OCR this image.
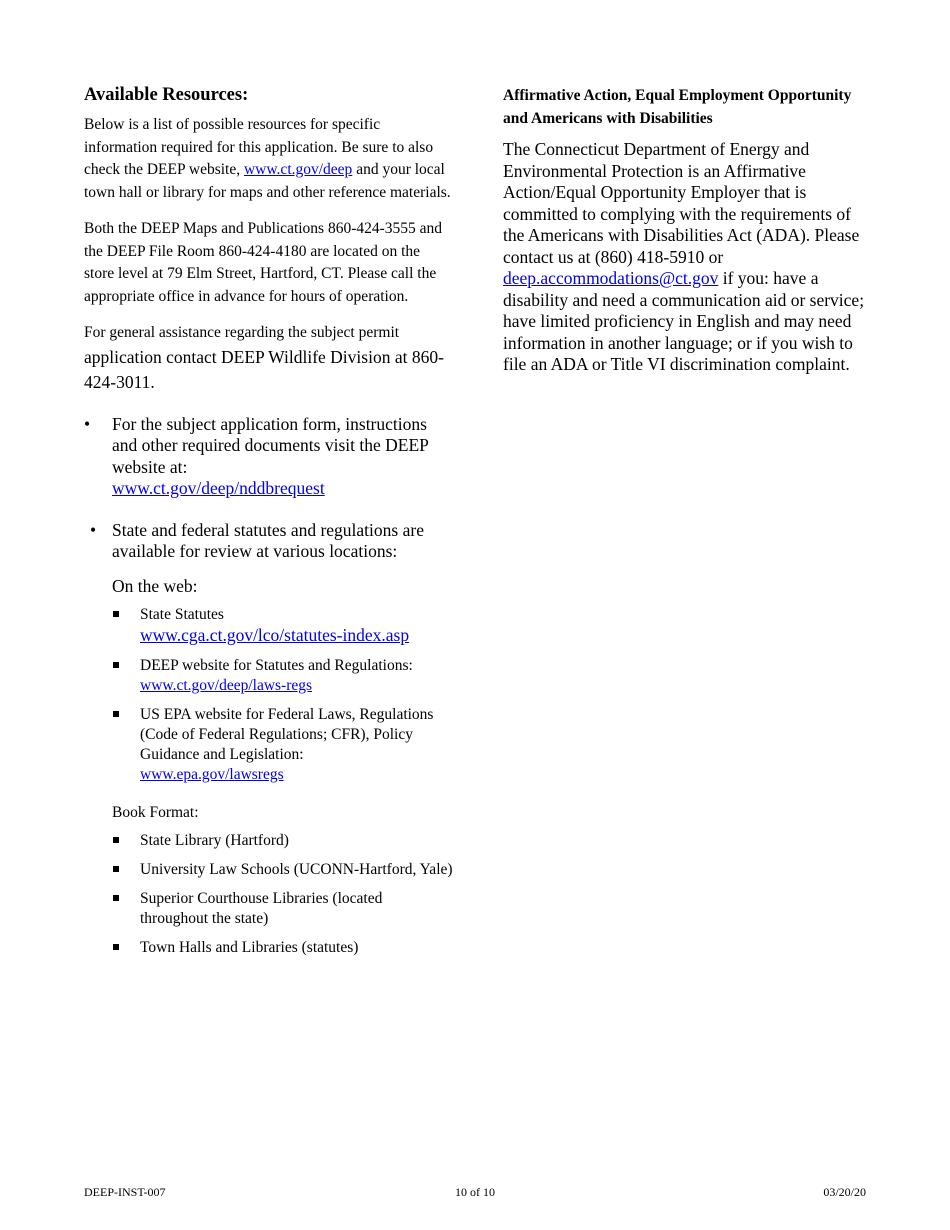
Available Resources:

Below is a list of possible resources for specific information required for this application. Be sure to also check the DEEP website, www.ct.gov/deep and your local town hall or library for maps and other reference materials.

Both the DEEP Maps and Publications 860-424-3555 and the DEEP File Room 860-424-4180 are located on the store level at 79 Elm Street, Hartford, CT. Please call the appropriate office in advance for hours of operation.

For general assistance regarding the subject permit application contact DEEP Wildlife Division at 860-424-3011.

• For the subject application form, instructions and other required documents visit the DEEP website at:
www.ct.gov/deep/nddbrequest
• State and federal statutes and regulations are available for review at various locations:
On the web:
State Statutes
www.cga.ct.gov/lco/statutes-index.asp
DEEP website for Statutes and Regulations:
www.ct.gov/deep/laws-regs
US EPA website for Federal Laws, Regulations (Code of Federal Regulations; CFR), Policy Guidance and Legislation:
www.epa.gov/lawsregs
Book Format:
State Library (Hartford)
University Law Schools (UCONN-Hartford, Yale)
Superior Courthouse Libraries (located throughout the state)
Town Halls and Libraries (statutes)
Affirmative Action, Equal Employment Opportunity and Americans with Disabilities

The Connecticut Department of Energy and Environmental Protection is an Affirmative Action/Equal Opportunity Employer that is committed to complying with the requirements of the Americans with Disabilities Act (ADA). Please contact us at (860) 418-5910 or deep.accommodations@ct.gov if you: have a disability and need a communication aid or service; have limited proficiency in English and may need information in another language; or if you wish to file an ADA or Title VI discrimination complaint.

DEEP-INST-007	10 of 10	03/20/20
